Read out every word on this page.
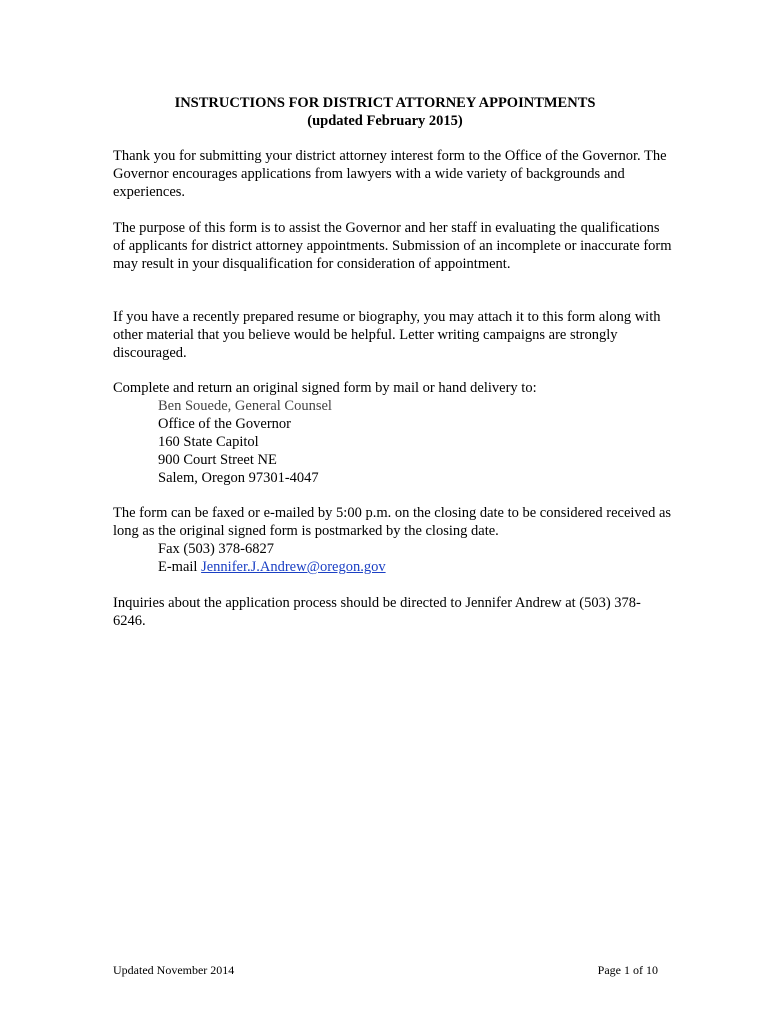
INSTRUCTIONS FOR DISTRICT ATTORNEY APPOINTMENTS
(updated February 2015)

Thank you for submitting your district attorney interest form to the Office of the Governor. The Governor encourages applications from lawyers with a wide variety of backgrounds and experiences.

The purpose of this form is to assist the Governor and her staff in evaluating the qualifications of applicants for district attorney appointments. Submission of an incomplete or inaccurate form may result in your disqualification for consideration of appointment.

If you have a recently prepared resume or biography, you may attach it to this form along with other material that you believe would be helpful. Letter writing campaigns are strongly discouraged.

Complete and return an original signed form by mail or hand delivery to:

Ben Souede, General Counsel
Office of the Governor
160 State Capitol
900 Court Street NE
Salem, Oregon 97301-4047

The form can be faxed or e-mailed by 5:00 p.m. on the closing date to be considered received as long as the original signed form is postmarked by the closing date.

Fax (503) 378-6827
E-mail Jennifer.J.Andrew@oregon.gov

Inquiries about the application process should be directed to Jennifer Andrew at (503) 378-6246.

Updated November 2014	Page 1 of 10
